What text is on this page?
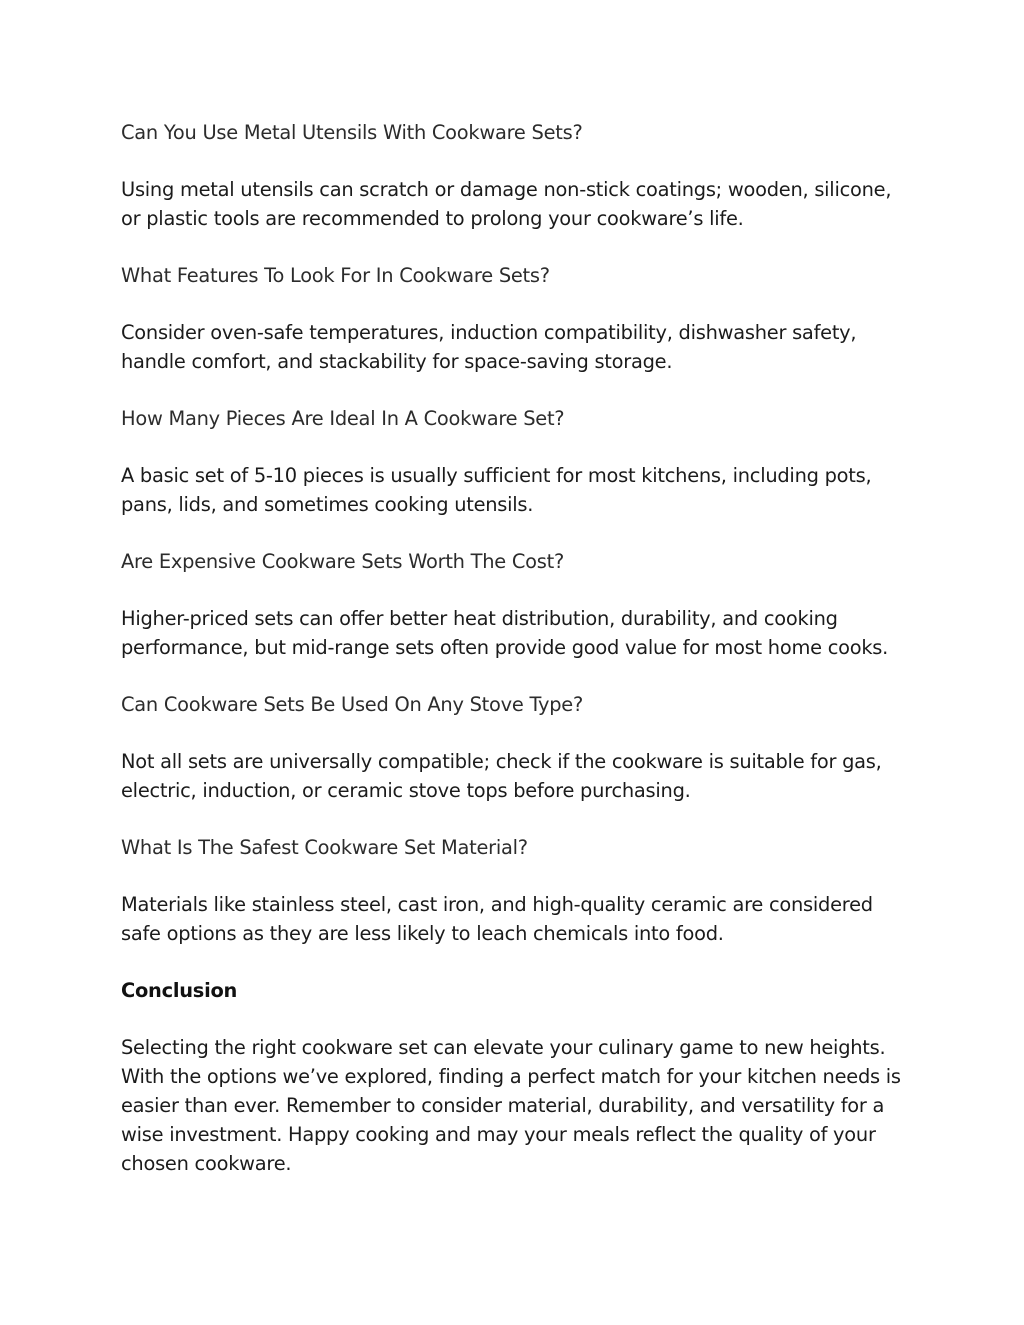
Can You Use Metal Utensils With Cookware Sets?

Using metal utensils can scratch or damage non-stick coatings; wooden, silicone, or plastic tools are recommended to prolong your cookware’s life.

What Features To Look For In Cookware Sets?

Consider oven-safe temperatures, induction compatibility, dishwasher safety, handle comfort, and stackability for space-saving storage.

How Many Pieces Are Ideal In A Cookware Set?

A basic set of 5-10 pieces is usually sufficient for most kitchens, including pots, pans, lids, and sometimes cooking utensils.

Are Expensive Cookware Sets Worth The Cost?

Higher-priced sets can offer better heat distribution, durability, and cooking performance, but mid-range sets often provide good value for most home cooks.

Can Cookware Sets Be Used On Any Stove Type?

Not all sets are universally compatible; check if the cookware is suitable for gas, electric, induction, or ceramic stove tops before purchasing.

What Is The Safest Cookware Set Material?

Materials like stainless steel, cast iron, and high-quality ceramic are considered safe options as they are less likely to leach chemicals into food.

Conclusion

Selecting the right cookware set can elevate your culinary game to new heights. With the options we’ve explored, finding a perfect match for your kitchen needs is easier than ever. Remember to consider material, durability, and versatility for a wise investment. Happy cooking and may your meals reflect the quality of your chosen cookware.
